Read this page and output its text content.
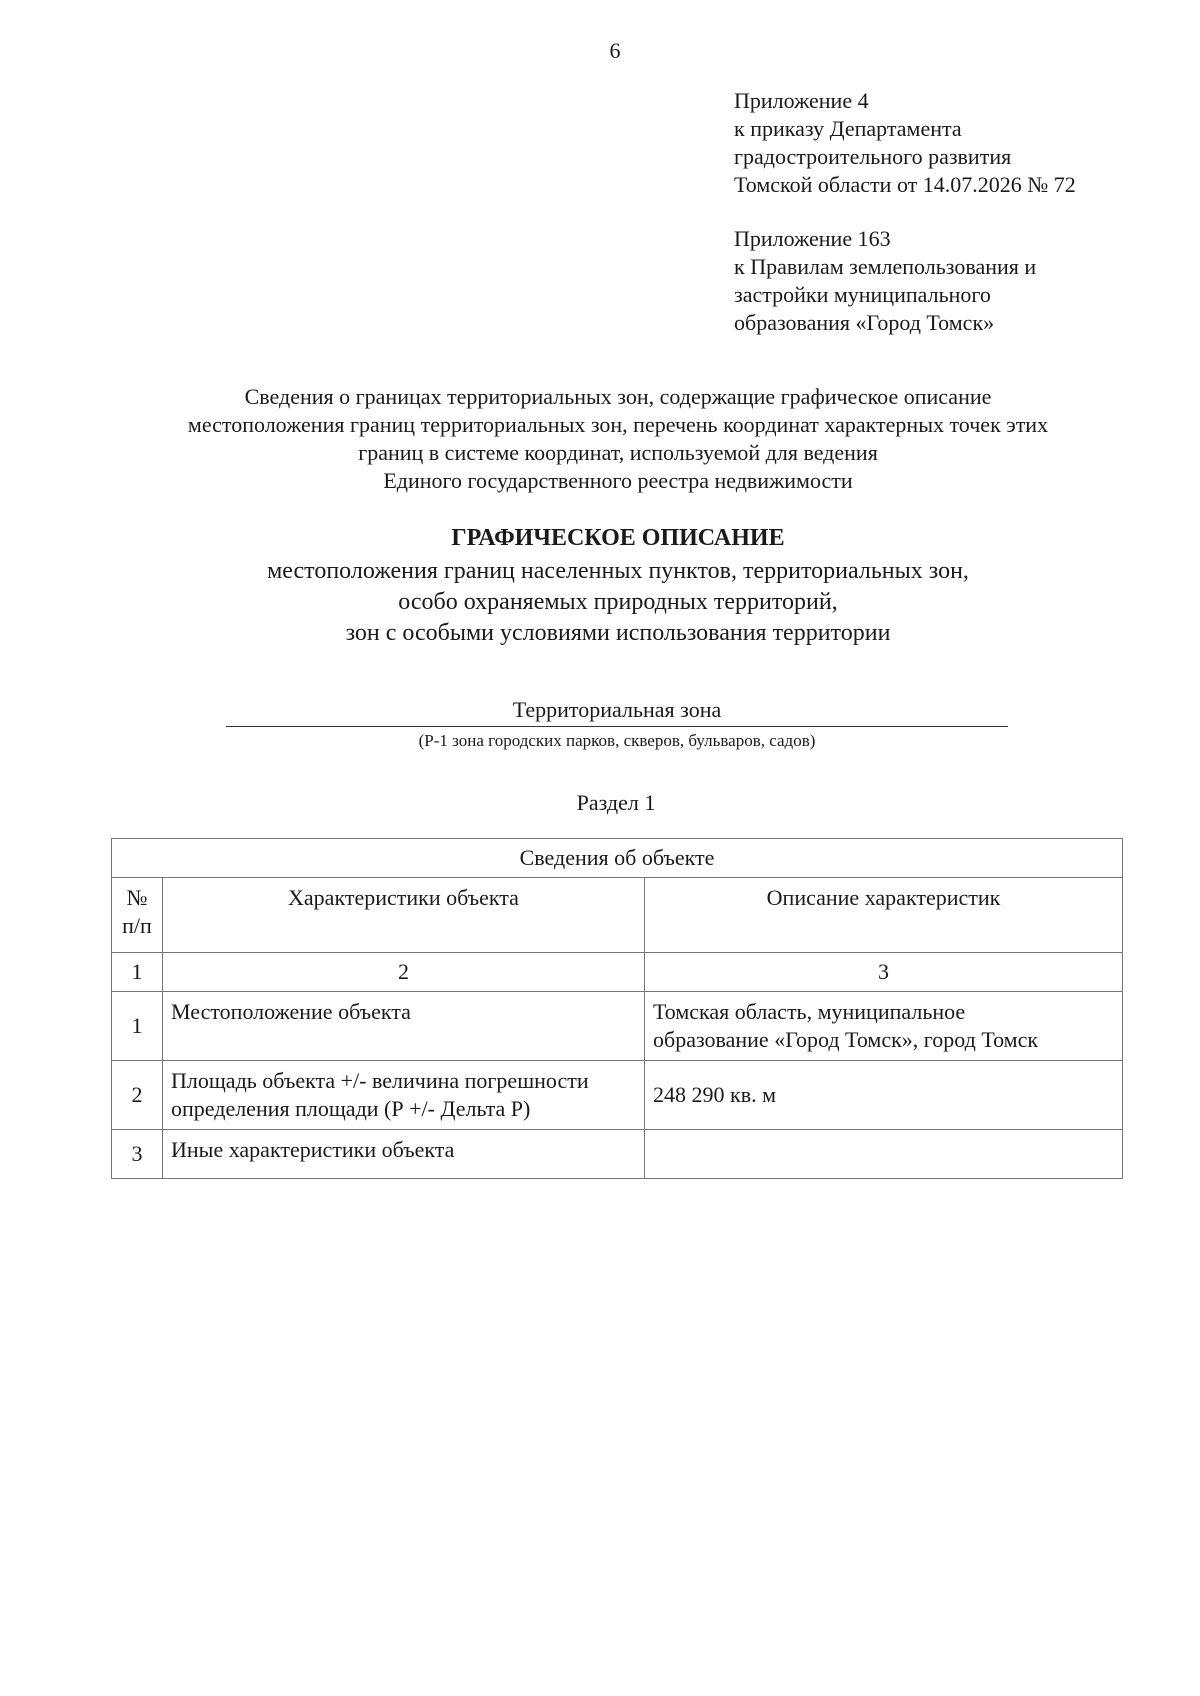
6
Приложение 4
к приказу Департамента
градостроительного развития
Томской области от 14.07.2026 № 72
Приложение 163
к Правилам землепользования и
застройки муниципального
образования «Город Томск»
Сведения о границах территориальных зон, содержащие графическое описание
местоположения границ территориальных зон, перечень координат характерных точек этих
границ в системе координат, используемой для ведения
Единого государственного реестра недвижимости
ГРАФИЧЕСКОЕ ОПИСАНИЕ
местоположения границ населенных пунктов, территориальных зон,
особо охраняемых природных территорий,
зон с особыми условиями использования территории
Территориальная зона
(Р-1 зона городских парков, скверов, бульваров, садов)
Раздел 1
Сведения об объекте		

№
п/п	Характеристики объекта	Описание характеристик
1	2	3
1	Местоположение объекта	Томская область, муниципальное
образование «Город Томск», город Томск

2	Площадь объекта +/- величина погрешности
определения площади (Р +/- Дельта Р)	248 290 кв. м

3	Иные характеристики объекта	
